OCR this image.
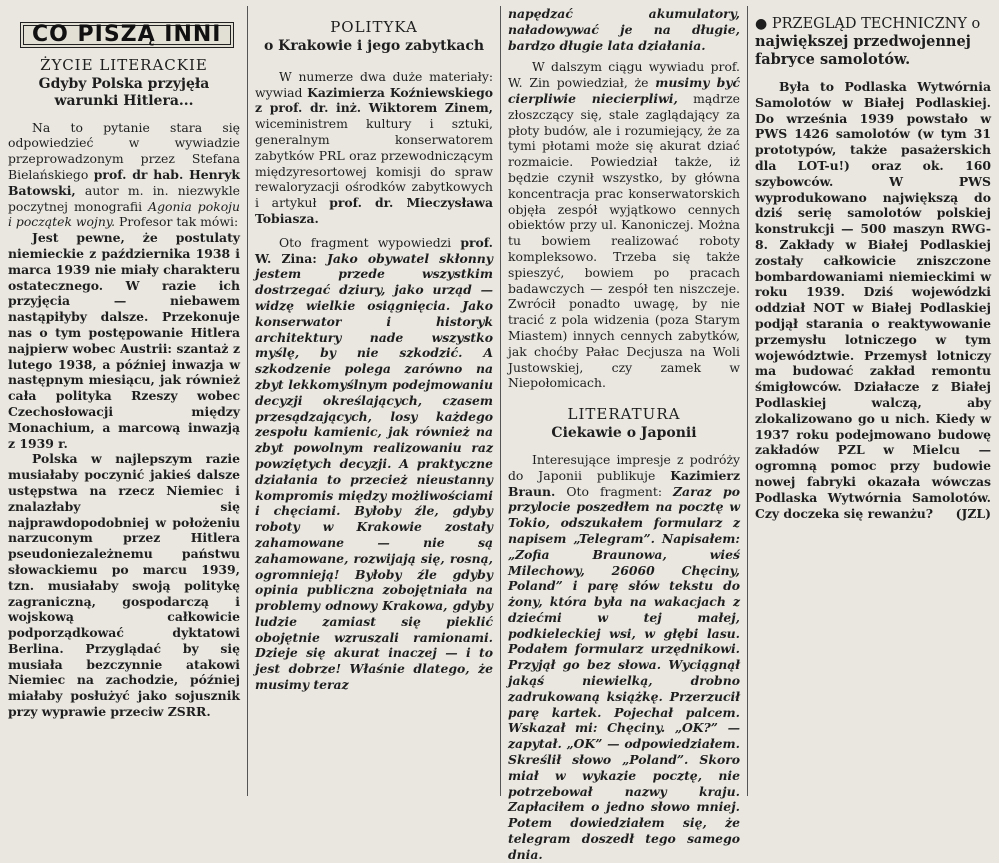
CO PISZĄ INNI
ŻYCIE LITERACKIE
Gdyby Polska przyjęła warunki Hitlera...

Na to pytanie stara się odpowiedzieć w wywiadzie przeprowadzonym przez Stefana Bielańskiego prof. dr hab. Henryk Batowski, autor m. in. niezwykle poczytnej monografii Agonia pokoju i początek wojny. Profesor tak mówi:

Jest pewne, że postulaty niemieckie z października 1938 i marca 1939 nie miały charakteru ostatecznego. W razie ich przyjęcia — niebawem nastąpiłyby dalsze. Przekonuje nas o tym postępowanie Hitlera najpierw wobec Austrii: szantaż z lutego 1938, a później inwazja w następnym miesiącu, jak również cała polityka Rzeszy wobec Czechosłowacji między Monachium, a marcową inwazją z 1939 r.

Polska w najlepszym razie musiałaby poczynić jakieś dalsze ustępstwa na rzecz Niemiec i znalazłaby się najprawdopodobniej w położeniu narzuconym przez Hitlera pseudoniezależnemu państwu słowackiemu po marcu 1939, tzn. musiałaby swoją politykę zagraniczną, gospodarczą i wojskową całkowicie podporządkować dyktatowi Berlina. Przyglądać by się musiała bezczynnie atakowi Niemiec na zachodzie, później miałaby posłużyć jako sojusznik przy wyprawie przeciw ZSRR.

POLITYKA
o Krakowie i jego zabytkach

W numerze dwa duże materiały: wywiad Kazimierza Koźniewskiego z prof. dr. inż. Wiktorem Zinem, wiceministrem kultury i sztuki, generalnym konserwatorem zabytków PRL oraz przewodniczącym międzyresortowej komisji do spraw rewaloryzacji ośrodków zabytkowych i artykuł prof. dr. Mieczysława Tobiasza.

Oto fragment wypowiedzi prof. W. Zina: Jako obywatel skłonny jestem przede wszystkim dostrzegać dziury, jako urząd — widzę wielkie osiągnięcia. Jako konserwator i historyk architektury nade wszystko myślę, by nie szkodzić. A szkodzenie polega zarówno na zbyt lekkomyślnym podejmowaniu decyzji określających, czasem przesądzających, losy każdego zespołu kamienic, jak również na zbyt powolnym realizowaniu raz powziętych decyzji. A praktyczne działania to przecież nieustanny kompromis między możliwościami i chęciami. Byłoby źle, gdyby roboty w Krakowie zostały zahamowane — nie są zahamowane, rozwijają się, rosną, ogromnieją! Byłoby źle gdyby opinia publiczna zobojętniała na problemy odnowy Krakowa, gdyby ludzie zamiast się pieklić obojętnie wzruszali ramionami. Dzieje się akurat inaczej — i to jest dobrze! Właśnie dlatego, że musimy teraz

napędzać akumulatory, naładowywać je na długie, bardzo długie lata działania.

W dalszym ciągu wywiadu prof. W. Zin powiedział, że musimy być cierpliwie niecierpliwi, mądrze złoszczący się, stale zaglądający za płoty budów, ale i rozumiejący, że za tymi płotami może się akurat dziać rozmaicie. Powiedział także, iż będzie czynił wszystko, by główna koncentracja prac konserwatorskich objęła zespół wyjątkowo cennych obiektów przy ul. Kanoniczej. Można tu bowiem realizować roboty kompleksowo. Trzeba się także spieszyć, bowiem po pracach badawczych — zespół ten niszczeje. Zwrócił ponadto uwagę, by nie tracić z pola widzenia (poza Starym Miastem) innych cennych zabytków, jak choćby Pałac Decjusza na Woli Justowskiej, czy zamek w Niepołomicach.

LITERATURA
Ciekawie o Japonii

Interesujące impresje z podróży do Japonii publikuje Kazimierz Braun. Oto fragment: Zaraz po przylocie poszedłem na pocztę w Tokio, odszukałem formularz z napisem „Telegram”. Napisałem: „Zofia Braunowa, wieś Milechowy, 26060 Chęciny, Poland” i parę słów tekstu do żony, która była na wakacjach z dziećmi w tej małej, podkieleckiej wsi, w głębi lasu. Podałem formularz urzędnikowi. Przyjął go bez słowa. Wyciągnął jakąś niewielką, drobno zadrukowaną książkę. Przerzucił parę kartek. Pojechał palcem. Wskazał mi: Chęciny. „OK?” — zapytał. „OK” — odpowiedziałem. Skreślił słowo „Poland”. Skoro miał w wykazie pocztę, nie potrzebował nazwy kraju. Zapłaciłem o jedno słowo mniej. Potem dowiedziałem się, że telegram doszedł tego samego dnia.

● PRZEGLĄD TECHNICZNY o największej przedwojennej fabryce samolotów.

Była to Podlaska Wytwórnia Samolotów w Białej Podlaskiej. Do września 1939 powstało w PWS 1426 samolotów (w tym 31 prototypów, także pasażerskich dla LOT-u!) oraz ok. 160 szybowców. W PWS wyprodukowano największą do dziś serię samolotów polskiej konstrukcji — 500 maszyn RWG-8. Zakłady w Białej Podlaskiej zostały całkowicie zniszczone bombardowaniami niemieckimi w roku 1939. Dziś wojewódzki oddział NOT w Białej Podlaskiej podjął starania o reaktywowanie przemysłu lotniczego w tym województwie. Przemysł lotniczy ma budować zakład remontu śmigłowców. Działacze z Białej Podlaskiej walczą, aby zlokalizowano go u nich. Kiedy w 1937 roku podejmowano budowę zakładów PZL w Mielcu — ogromną pomoc przy budowie nowej fabryki okazała wówczas Podlaska Wytwórnia Samolotów. Czy doczeka się rewanżu?	(JZL)
